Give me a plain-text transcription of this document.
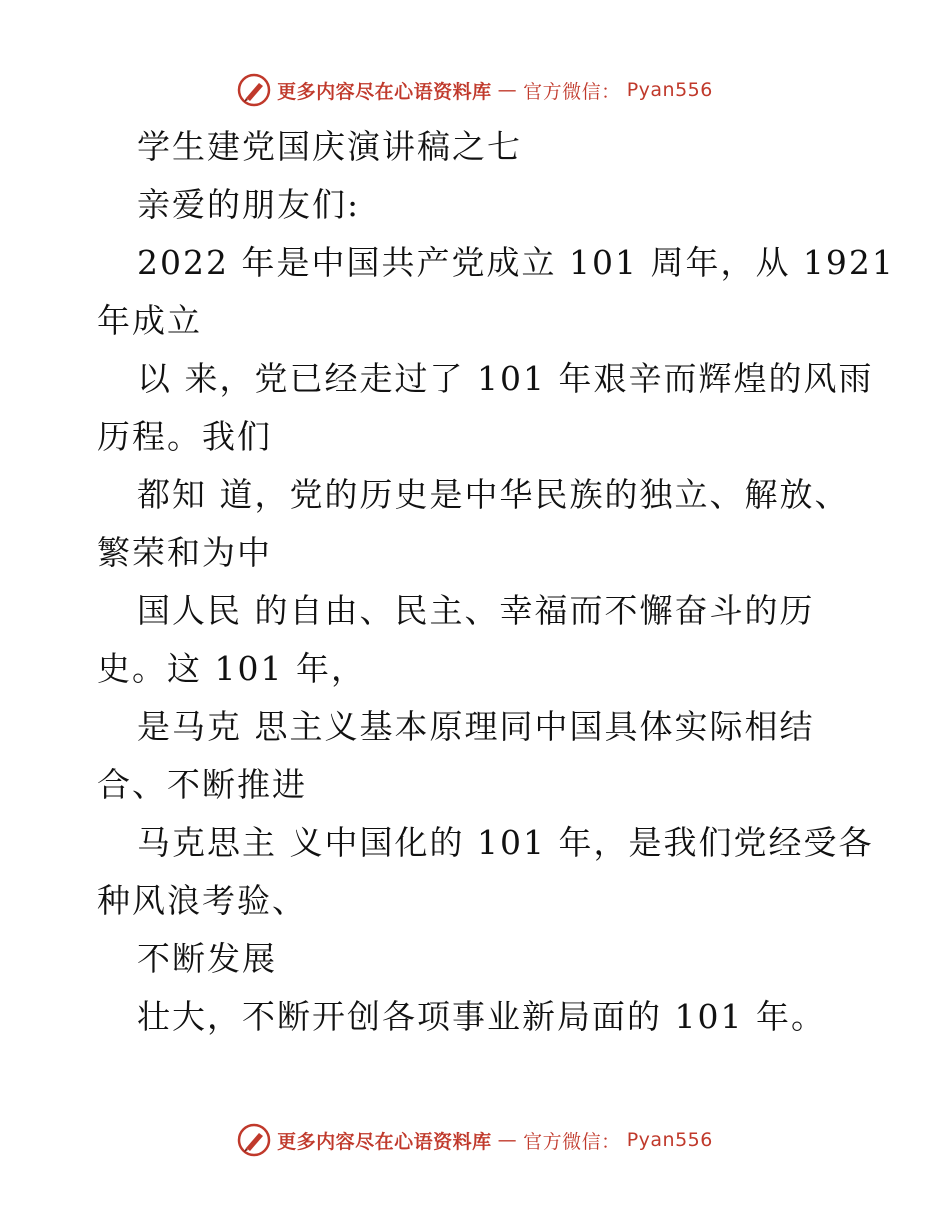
更多内容尽在心语资料库 — 官方微信： Pyan556
学生建党国庆演讲稿之七
亲爱的朋友们:
2022 年是中国共产党成立 101 周年，从 1921
年成立
以 来，党已经走过了 101 年艰辛而辉煌的风雨
历程。我们
都知 道，党的历史是中华民族的独立、解放、
繁荣和为中
国人民 的自由、民主、幸福而不懈奋斗的历
史。这 101 年，
是马克 思主义基本原理同中国具体实际相结
合、不断推进
马克思主 义中国化的 101 年，是我们党经受各
种风浪考验、
不断发展
壮大，不断开创各项事业新局面的 101 年。
更多内容尽在心语资料库 — 官方微信： Pyan556
